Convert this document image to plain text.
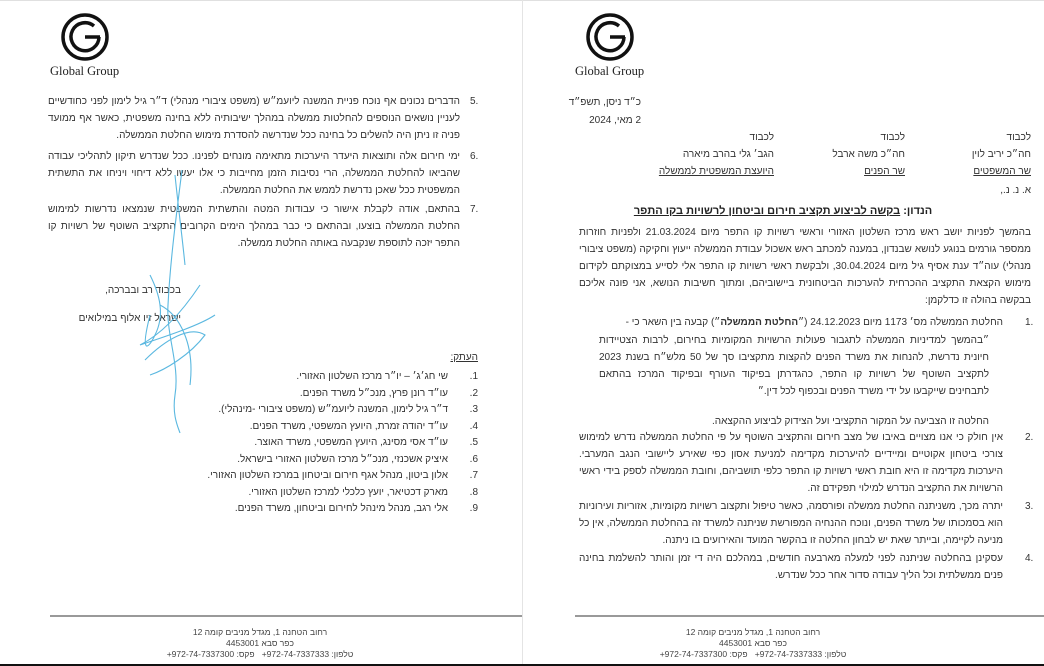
Global Group
5.
הדברים נכונים אף נוכח פניית המשנה ליועמ״ש (משפט ציבורי מנהלי) ד״ר גיל לימון לפני כחודשיים לעניין נושאים הנוספים להחלטות ממשלה במהלך ישיבותיה ללא בחינה משפטית, כאשר אף ממועד פניה זו ניתן היה להשלים כל בחינה ככל שנדרשה להסדרת מימוש החלטת הממשלה.
6.
ימי חירום אלה ותוצאות היעדר היערכות מתאימה מונחים לפנינו. ככל שנדרש תיקון לתהליכי עבודה שהביאו להחלטת הממשלה, הרי נסיבות הזמן מחייבות כי אלו יעשו ללא דיחוי ויניחו את התשתית המשפטית ככל שאכן נדרשת לממש את החלטת הממשלה.
7.
בהתאם, אודה לקבלת אישור כי עבודות המטה והתשתית המשפטית שנמצאו נדרשות למימוש החלטת הממשלה בוצעו, ובהתאם כי כבר במהלך הימים הקרובים התקציב השוטף של רשויות קו התפר יזכה לתוספת שנקבעה באותה החלטת ממשלה.
בכבוד רב ובברכה,
ישראל זיו אלוף במילואים
העתק:
1.שי חג׳ג׳ – יו״ר מרכז השלטון האזורי.
2.עו״ד רונן פרץ, מנכ״ל משרד הפנים.
3.ד״ר גיל לימון, המשנה ליועמ״ש (משפט ציבורי -מינהלי).
4.עו״ד יהודה זמרת, היועץ המשפטי, משרד הפנים.
5.עו״ד אסי מסינג, היועץ המשפטי, משרד האוצר.
6.איציק אשכנזי, מנכ״ל מרכז השלטון האזורי בישראל.
7.אלון ביטון, מנהל אגף חירום וביטחון במרכז השלטון האזורי.
8.מארק דכטיאר, יועץ כלכלי למרכז השלטון האזורי.
9.אלי רגב, מנהל מינהל לחירום וביטחון, משרד הפנים.
רחוב הטחנה 1, מגדל מניבים קומה 12
כפר סבא 4453001
טלפון: +972-74-7337333   פקס: +972-74-7337300
Global Group
כ״ד ניסן, תשפ״ד
2 מאי, 2024
לכבוד
חה״כ יריב לוין
שר המשפטים
לכבוד
חה״כ משה ארבל
שר הפנים
לכבוד
הגב׳ גלי בהרב מיארה
היועצת המשפטית לממשלה
א. נ. נ.,
הנדון: בקשה לביצוע תקציב חירום וביטחון לרשויות בקו התפר
בהמשך לפניות יושב ראש מרכז השלטון האזורי וראשי רשויות קו התפר מיום 21.03.2024 ולפניות חוזרות ממספר גורמים בנוגע לנושא שבנדון, במענה למכתב ראש אשכול עבודת הממשלה ייעוץ וחקיקה (משפט ציבורי מנהלי) עוה״ד ענת אסיף גיל מיום 30.04.2024, ולבקשת ראשי רשויות קו התפר אלי לסייע במצוקתם לקידום מימוש הקצאת התקציב ההכרחית להערכות הביטחונית ביישוביהם, ומתוך חשיבות הנושא, אני פונה אליכם בבקשה בהולה זו כדלקמן:
1.
החלטת הממשלה מס׳ 1173 מיום 24.12.2023 (״החלטת הממשלה״) קבעה בין השאר כי -
״בהמשך למדיניות הממשלה לתגבור פעולות הרשויות המקומיות בחירום, לרבות הצטיידות חיונית נדרשת, להנחות את משרד הפנים להקצות מתקציבו סך של 50 מלש״ח בשנת 2023 לתקציב השוטף של רשויות קו התפר, כהגדרתן בפיקוד העורף ובפיקוד המרכז בהתאם לתבחינים שייקבעו על ידי משרד הפנים ובכפוף לכל דין.״
החלטה זו הצביעה על המקור התקציבי ועל הצידוק לביצוע ההקצאה.
2.
אין חולק כי אנו מצויים באיבו של מצב חירום והתקציב השוטף על פי החלטת הממשלה נדרש למימוש צורכי ביטחון אקוטיים ומיידיים להיערכות מקדימה למניעת אסון כפי שאירע ליישובי הנגב המערבי. היערכות מקדימה זו היא חובת ראשי רשויות קו התפר כלפי תושביהם, וחובת הממשלה לספק בידי ראשי הרשויות את התקציב הנדרש למילוי תפקידם זה.
3.
יתרה מכך, משניתנה החלטת ממשלה ופורסמה, כאשר טיפול ותקצוב רשויות מקומיות, אזוריות ועירוניות הוא בסמכותו של משרד הפנים, ונוכח ההנחיה המפורשת שניתנה למשרד זה בהחלטת הממשלה, אין כל מניעה לקיימה, ובייתר שאת יש לבחון החלטה זו בהקשר המועד והאירועים בו ניתנה.
4.
עסקינן בהחלטה שניתנה לפני למעלה מארבעה חודשים, במהלכם היה די זמן והותר להשלמת בחינה פנים ממשלתית וכל הליך עבודה סדור אחר ככל שנדרש.
רחוב הטחנה 1, מגדל מניבים קומה 12
כפר סבא 4453001
טלפון: +972-74-7337333   פקס: +972-74-7337300
